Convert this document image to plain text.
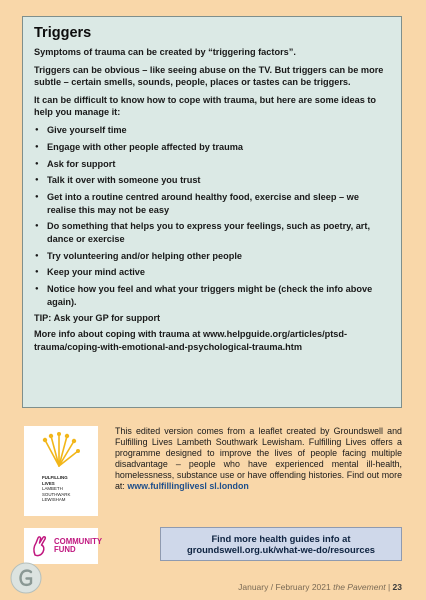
Triggers

Symptoms of trauma can be created by “triggering factors”.

Triggers can be obvious – like seeing abuse on the TV. But triggers can be more subtle – certain smells, sounds, people, places or tastes can be triggers.

It can be difficult to know how to cope with trauma, but here are some ideas to help you manage it:

● Give yourself time
● Engage with other people affected by trauma
● Ask for support
● Talk it over with someone you trust
● Get into a routine centred around healthy food, exercise and sleep – we realise this may not be easy
● Do something that helps you to express your feelings, such as poetry, art, dance or exercise
● Try volunteering and/or helping other people
● Keep your mind active
● Notice how you feel and what your triggers might be (check the info above again).

TIP: Ask your GP for support

More info about coping with trauma at www.helpguide.org/articles/ptsd-trauma/coping-with-emotional-and-psychological-trauma.htm

FULFILLING
LIVES
LAMBETH
SOUTHWARK
LEWISHAM
COMMUNITY
FUND

This edited version comes from a leaflet created by Groundswell and Fulfilling Lives Lambeth Southwark Lewisham. Fulfilling Lives offers a programme designed to improve the lives of people facing multiple disadvantage – people who have experienced mental ill-health, homelessness, substance use or have offending histories. Find out more at: www.fulfillinglivesl sl.london

Find more health guides info at
groundswell.org.uk/what-we-do/resources
January / February 2021 the Pavement | 23
